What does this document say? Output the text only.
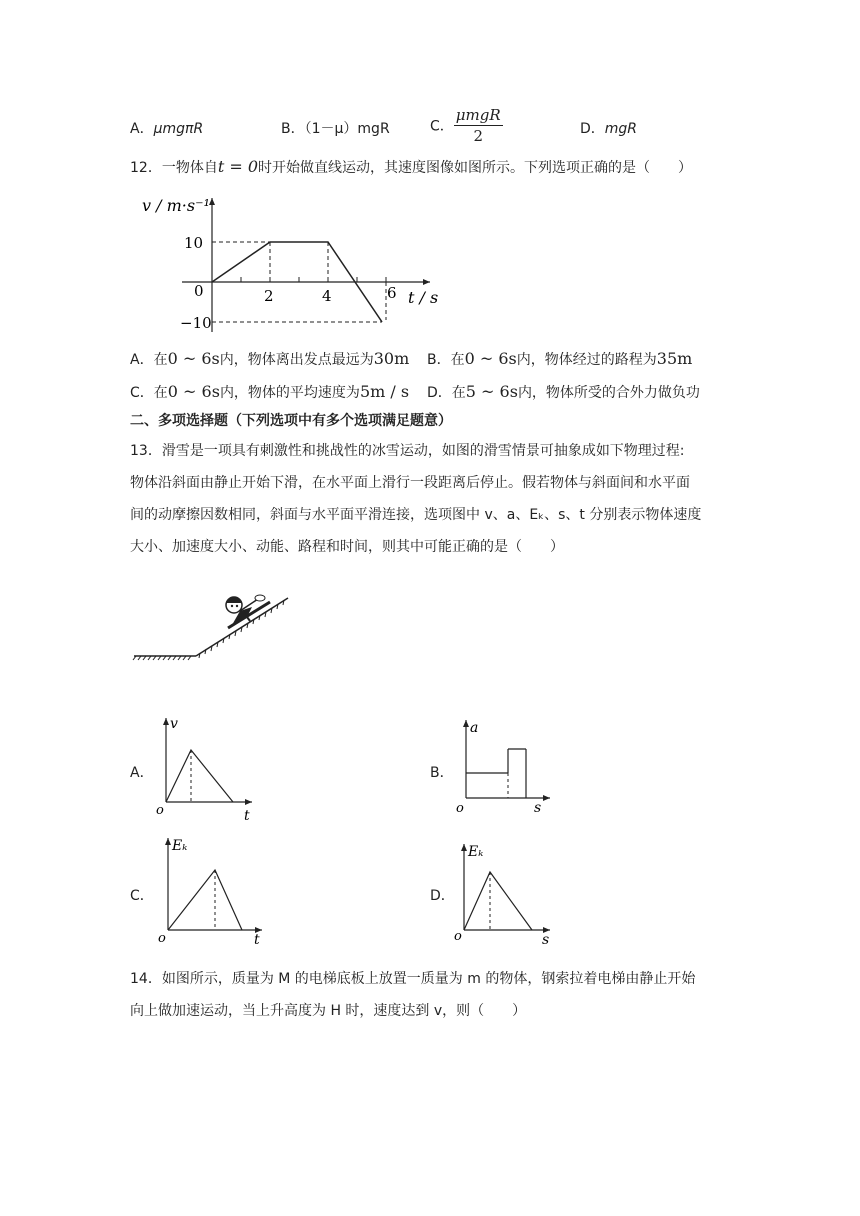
A．μmgπR	B．（1－μ）mgR	C． $\frac{\text{μmgR}}{2}$	D．mgR
12．一物体自t = 0时开始做直线运动，其速度图像如图所示。下列选项正确的是（　　）
v / m·s⁻¹
10
−10
0	2	4	6 t / s
A．在0 ~ 6s内，物体离出发点最远为30m B．在0 ~ 6s内，物体经过的路程为35m
C．在0 ~ 6s内，物体的平均速度为5m / s D．在5 ~ 6s内，物体所受的合外力做负功
二、多项选择题（下列选项中有多个选项满足题意）
13．滑雪是一项具有刺激性和挑战性的冰雪运动，如图的滑雪情景可抽象成如下物理过程:
物体沿斜面由静止开始下滑，在水平面上滑行一段距离后停止。假若物体与斜面间和水平面
间的动摩擦因数相同，斜面与水平面平滑连接，选项图中 v、a、Eₖ、s、t 分别表示物体速度
大小、加速度大小、动能、路程和时间，则其中可能正确的是（　　）
A．
v
o	t
B．
a
o	s
C．
Eₖ
o	t
D．
Eₖ
o	s
14．如图所示，质量为 M 的电梯底板上放置一质量为 m 的物体，钢索拉着电梯由静止开始
向上做加速运动，当上升高度为 H 时，速度达到 v，则（　　）
